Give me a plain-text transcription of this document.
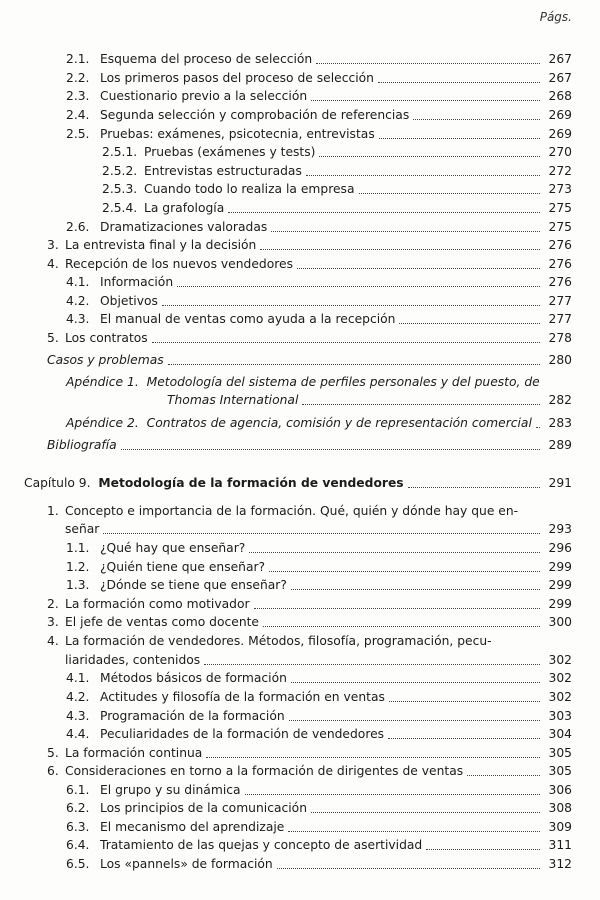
Págs.
2.1. Esquema del proceso de selección	267
2.2. Los primeros pasos del proceso de selección	267
2.3. Cuestionario previo a la selección	268
2.4. Segunda selección y comprobación de referencias	269
2.5. Pruebas: exámenes, psicotecnia, entrevistas	269
2.5.1. Pruebas (exámenes y tests)	270
2.5.2. Entrevistas estructuradas	272
2.5.3. Cuando todo lo realiza la empresa	273
2.5.4. La grafología	275
2.6. Dramatizaciones valoradas	275
3. La entrevista final y la decisión	276
4. Recepción de los nuevos vendedores	276
4.1. Información	276
4.2. Objetivos	277
4.3. El manual de ventas como ayuda a la recepción	277
5. Los contratos	278
Casos y problemas	280
Apéndice 1. Metodología del sistema de perfiles personales y del puesto, de
Thomas International	282
Apéndice 2. Contratos de agencia, comisión y de representación comercial	283
Bibliografía	289
Capítulo 9. Metodología de la formación de vendedores	291
1. Concepto e importancia de la formación. Qué, quién y dónde hay que en-
señar	293
1.1. ¿Qué hay que enseñar?	296
1.2. ¿Quién tiene que enseñar?	299
1.3. ¿Dónde se tiene que enseñar?	299
2. La formación como motivador	299
3. El jefe de ventas como docente	300
4. La formación de vendedores. Métodos, filosofía, programación, pecu-
liaridades, contenidos	302
4.1. Métodos básicos de formación	302
4.2. Actitudes y filosofía de la formación en ventas	302
4.3. Programación de la formación	303
4.4. Peculiaridades de la formación de vendedores	304
5. La formación continua	305
6. Consideraciones en torno a la formación de dirigentes de ventas	305
6.1. El grupo y su dinámica	306
6.2. Los principios de la comunicación	308
6.3. El mecanismo del aprendizaje	309
6.4. Tratamiento de las quejas y concepto de asertividad	311
6.5. Los «pannels» de formación	312
